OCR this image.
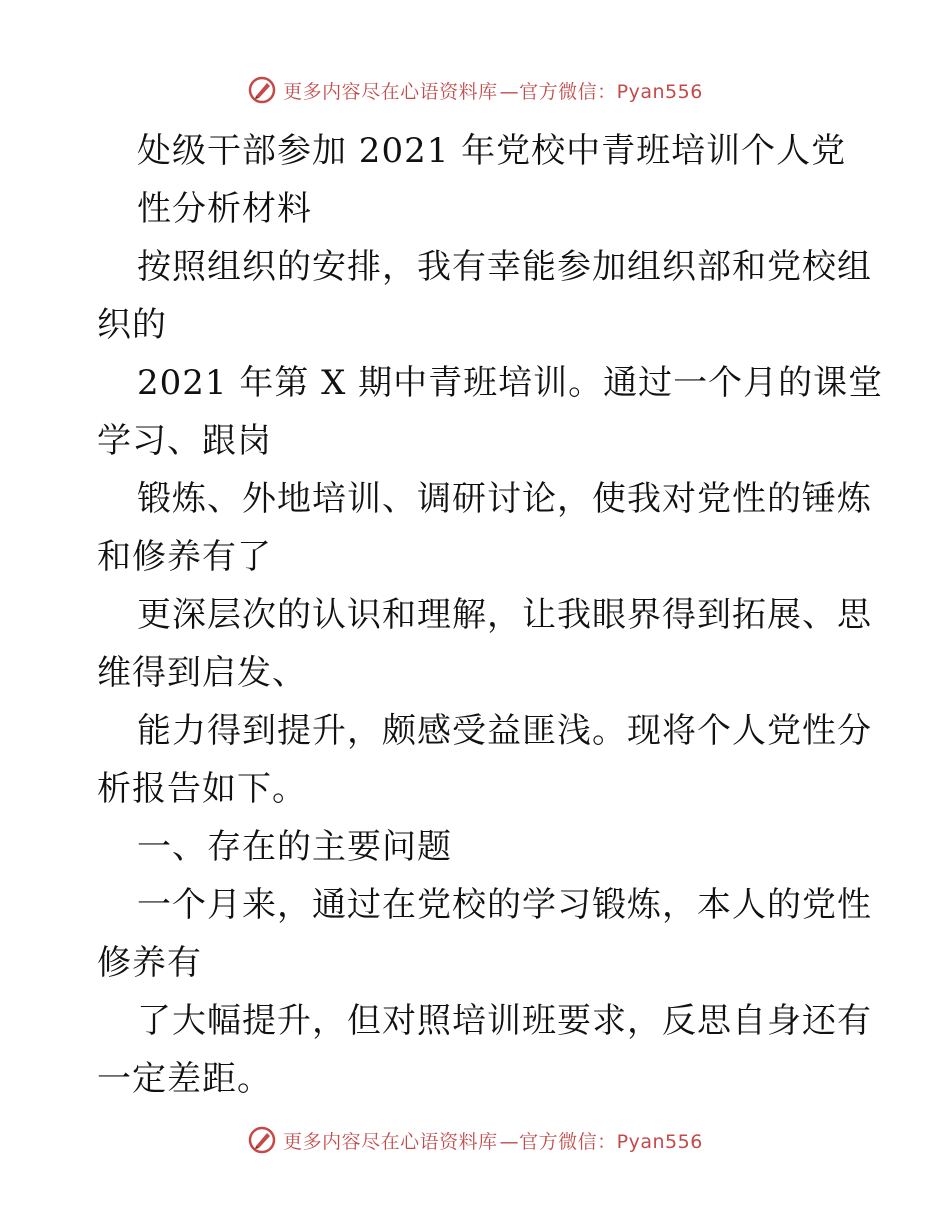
更多内容尽在心语资料库 —官方微信：Pyan556
处级干部参加 2021 年党校中青班培训个人党
性分析材料
按照组织的安排，我有幸能参加组织部和党校组
织的
2021 年第 X 期中青班培训。通过一个月的课堂
学习、跟岗
锻炼、外地培训、调研讨论，使我对党性的锤炼
和修养有了
更深层次的认识和理解，让我眼界得到拓展、思
维得到启发、
能力得到提升，颇感受益匪浅。现将个人党性分
析报告如下。
一、存在的主要问题
一个月来，通过在党校的学习锻炼，本人的党性
修养有
了大幅提升，但对照培训班要求，反思自身还有
一定差距。
更多内容尽在心语资料库 —官方微信：Pyan556
